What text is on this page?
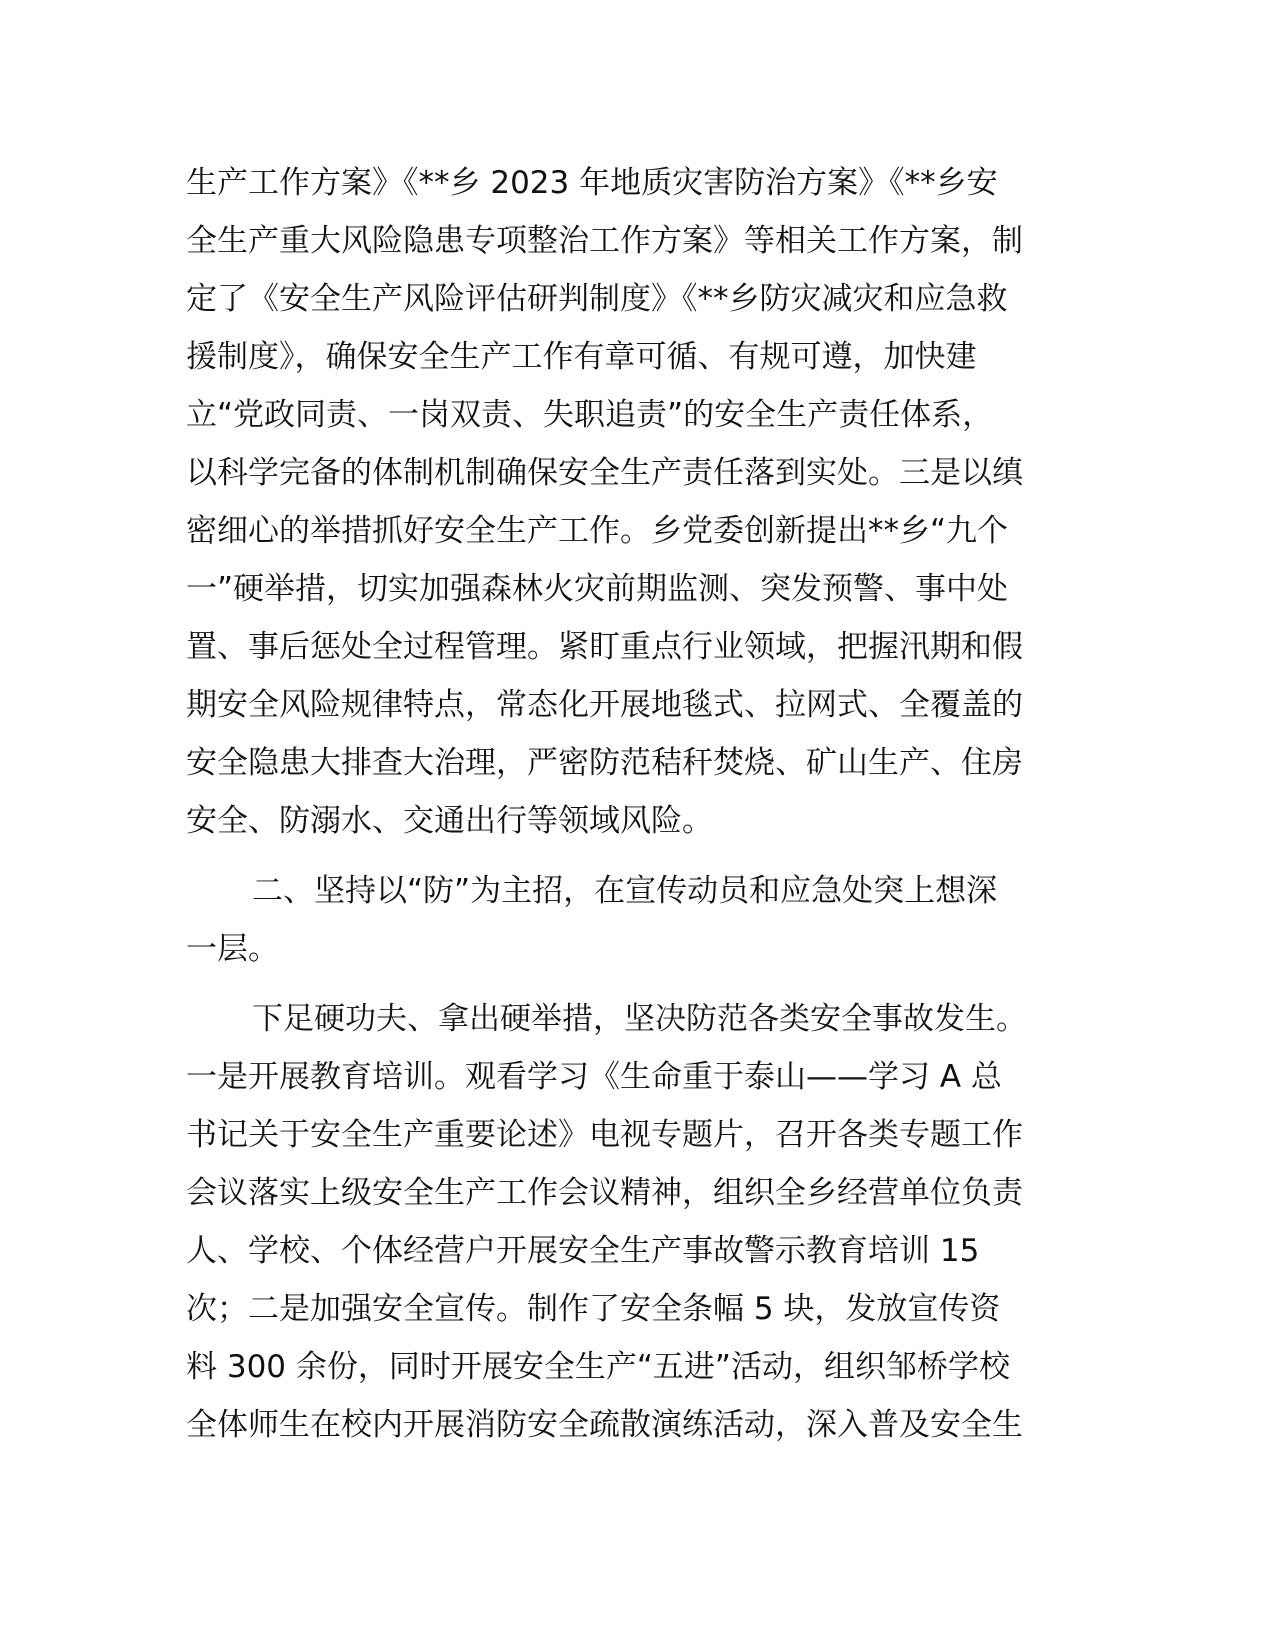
生产工作方案》《**乡 2023 年地质灾害防治方案》《**乡安
全生产重大风险隐患专项整治工作方案》等相关工作方案，制
定了《安全生产风险评估研判制度》《**乡防灾减灾和应急救
援制度》，确保安全生产工作有章可循、有规可遵，加快建
立“党政同责、一岗双责、失职追责”的安全生产责任体系，
以科学完备的体制机制确保安全生产责任落到实处。三是以缜
密细心的举措抓好安全生产工作。乡党委创新提出**乡“九个
一”硬举措，切实加强森林火灾前期监测、突发预警、事中处
置、事后惩处全过程管理。紧盯重点行业领域，把握汛期和假
期安全风险规律特点，常态化开展地毯式、拉网式、全覆盖的
安全隐患大排查大治理，严密防范秸秆焚烧、矿山生产、住房
安全、防溺水、交通出行等领域风险。
二、坚持以“防”为主招，在宣传动员和应急处突上想深
一层。
下足硬功夫、拿出硬举措，坚决防范各类安全事故发生。
一是开展教育培训。观看学习《生命重于泰山——学习 A 总
书记关于安全生产重要论述》电视专题片，召开各类专题工作
会议落实上级安全生产工作会议精神，组织全乡经营单位负责
人、学校、个体经营户开展安全生产事故警示教育培训 15
次；二是加强安全宣传。制作了安全条幅 5 块，发放宣传资
料 300 余份，同时开展安全生产“五进”活动，组织邹桥学校
全体师生在校内开展消防安全疏散演练活动，深入普及安全生
